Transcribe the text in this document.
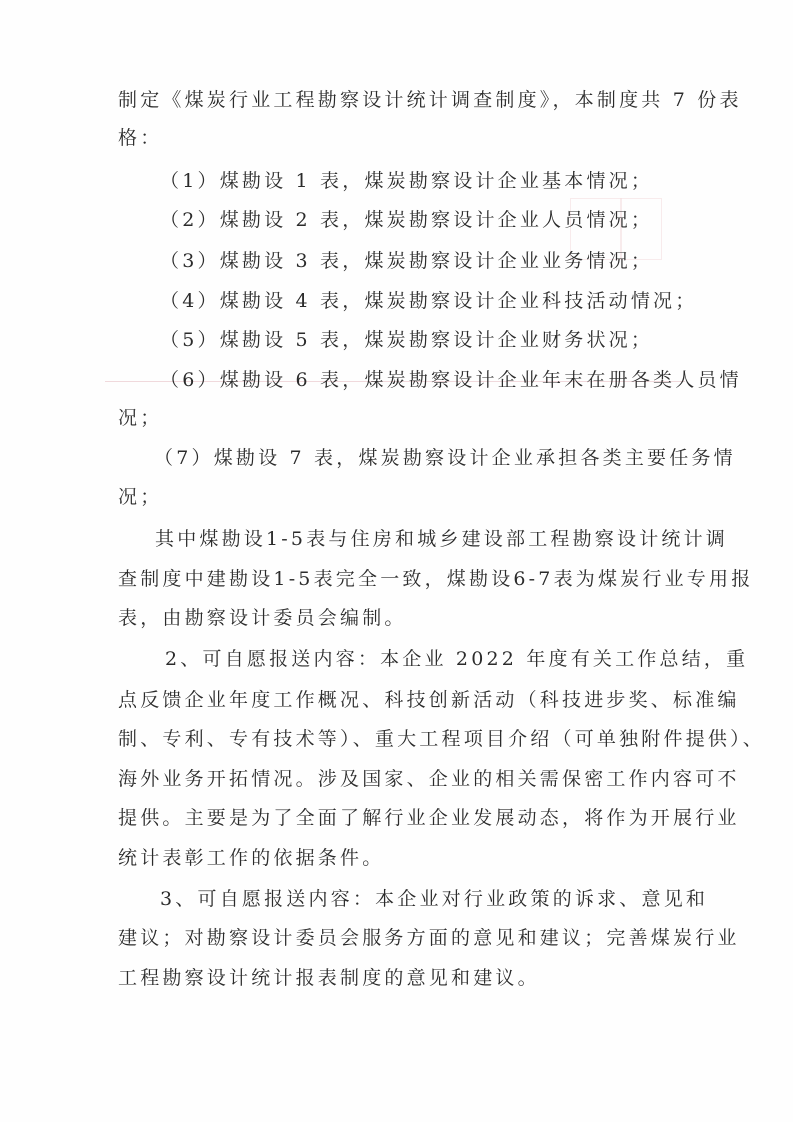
制定《煤炭行业工程勘察设计统计调查制度》，本制度共 7 份表
格：
（1）煤勘设 1 表，煤炭勘察设计企业基本情况；
（2）煤勘设 2 表，煤炭勘察设计企业人员情况；
（3）煤勘设 3 表，煤炭勘察设计企业业务情况；
（4）煤勘设 4 表，煤炭勘察设计企业科技活动情况；
（5）煤勘设 5 表，煤炭勘察设计企业财务状况；
（6）煤勘设 6 表，煤炭勘察设计企业年末在册各类人员情
况；
（7）煤勘设 7 表，煤炭勘察设计企业承担各类主要任务情
况；
其中煤勘设1-5表与住房和城乡建设部工程勘察设计统计调
查制度中建勘设1-5表完全一致，煤勘设6-7表为煤炭行业专用报
表，由勘察设计委员会编制。
2、可自愿报送内容：本企业 2022 年度有关工作总结，重
点反馈企业年度工作概况、科技创新活动（科技进步奖、标准编
制、专利、专有技术等）、重大工程项目介绍（可单独附件提供）、
海外业务开拓情况。涉及国家、企业的相关需保密工作内容可不
提供。主要是为了全面了解行业企业发展动态，将作为开展行业
统计表彰工作的依据条件。
3、可自愿报送内容：本企业对行业政策的诉求、意见和
建议；对勘察设计委员会服务方面的意见和建议；完善煤炭行业
工程勘察设计统计报表制度的意见和建议。
